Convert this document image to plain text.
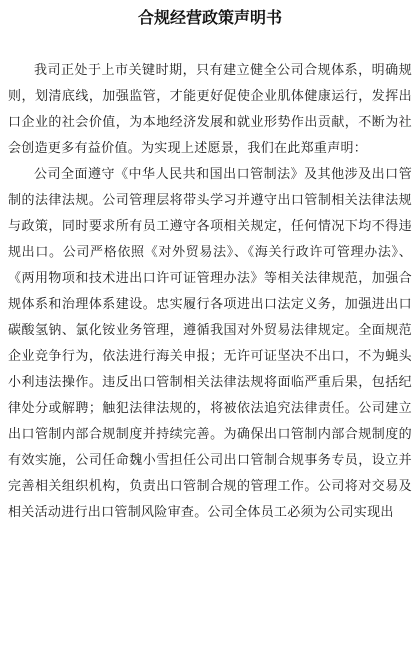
合规经营政策声明书

我司正处于上市关键时期，只有建立健全公司合规体系，明确规则，划清底线，加强监管，才能更好促使企业肌体健康运行，发挥出口企业的社会价值，为本地经济发展和就业形势作出贡献，不断为社会创造更多有益价值。为实现上述愿景，我们在此郑重声明：

公司全面遵守《中华人民共和国出口管制法》及其他涉及出口管制的法律法规。公司管理层将带头学习并遵守出口管制相关法律法规与政策，同时要求所有员工遵守各项相关规定，任何情况下均不得违规出口。公司严格依照《对外贸易法》、《海关行政许可管理办法》、《两用物项和技术进出口许可证管理办法》等相关法律规范，加强合规体系和治理体系建设。忠实履行各项进出口法定义务，加强进出口碳酸氢钠、氯化铵业务管理，遵循我国对外贸易法律规定。全面规范企业竞争行为，依法进行海关申报；无许可证坚决不出口，不为蝇头小利违法操作。违反出口管制相关法律法规将面临严重后果，包括纪律处分或解聘；触犯法律法规的，将被依法追究法律责任。公司建立出口管制内部合规制度并持续完善。为确保出口管制内部合规制度的有效实施，公司任命魏小雪担任公司出口管制合规事务专员，设立并完善相关组织机构，负责出口管制合规的管理工作。公司将对交易及相关活动进行出口管制风险审查。公司全体员工必须为公司实现出
